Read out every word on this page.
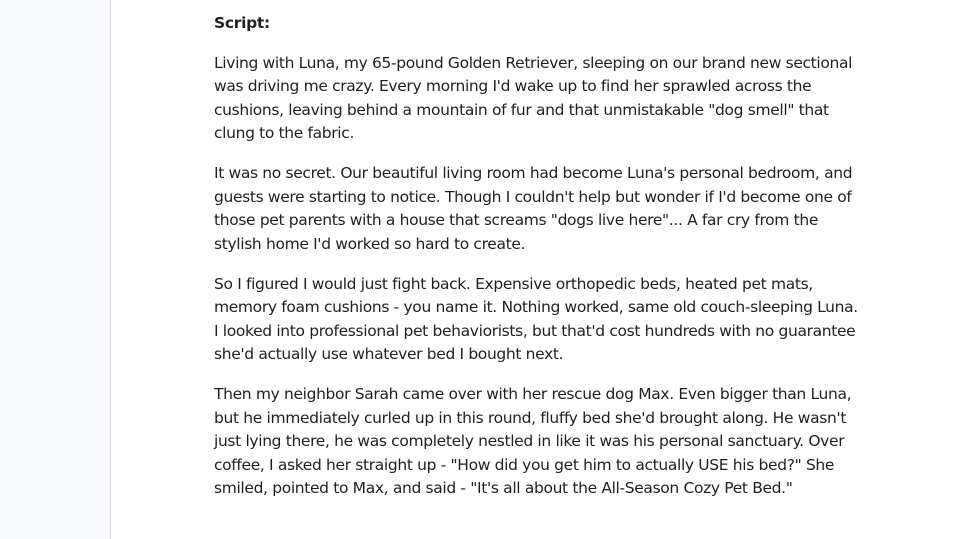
Script:

Living with Luna, my 65-pound Golden Retriever, sleeping on our brand new sectional was driving me crazy. Every morning I'd wake up to find her sprawled across the cushions, leaving behind a mountain of fur and that unmistakable "dog smell" that clung to the fabric.

It was no secret. Our beautiful living room had become Luna's personal bedroom, and guests were starting to notice. Though I couldn't help but wonder if I'd become one of those pet parents with a house that screams "dogs live here"... A far cry from the stylish home I'd worked so hard to create.

So I figured I would just fight back. Expensive orthopedic beds, heated pet mats, memory foam cushions - you name it. Nothing worked, same old couch-sleeping Luna. I looked into professional pet behaviorists, but that'd cost hundreds with no guarantee she'd actually use whatever bed I bought next.

Then my neighbor Sarah came over with her rescue dog Max. Even bigger than Luna, but he immediately curled up in this round, fluffy bed she'd brought along. He wasn't just lying there, he was completely nestled in like it was his personal sanctuary. Over coffee, I asked her straight up - "How did you get him to actually USE his bed?" She smiled, pointed to Max, and said - "It's all about the All-Season Cozy Pet Bed."
